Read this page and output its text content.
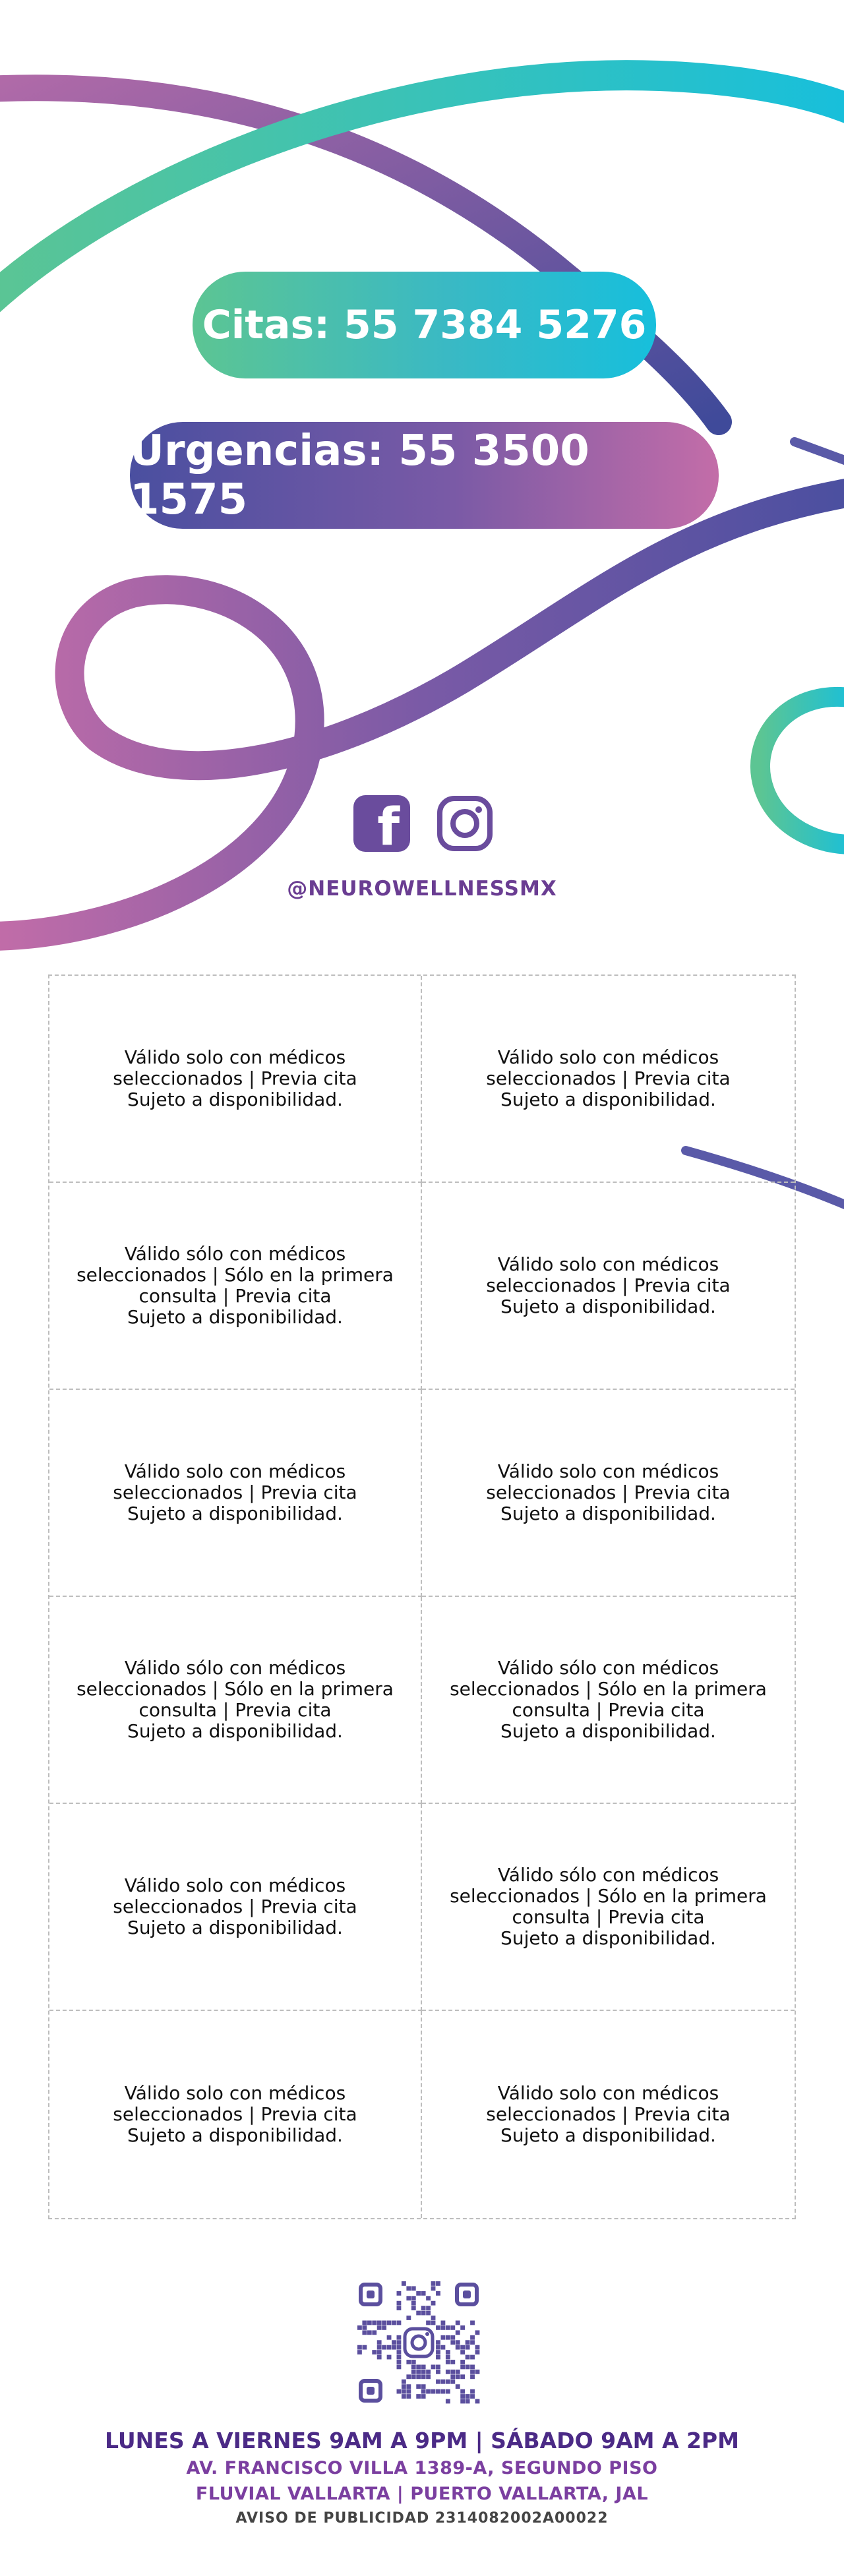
Citas: 55 7384 5276
Urgencias: 55 3500 1575
f
@NEUROWELLNESSMX
Válido solo con médicos
seleccionados | Previa cita
Sujeto a disponibilidad.
Válido solo con médicos
seleccionados | Previa cita
Sujeto a disponibilidad.
Válido sólo con médicos
seleccionados | Sólo en la primera
consulta | Previa cita
Sujeto a disponibilidad.
Válido solo con médicos
seleccionados | Previa cita
Sujeto a disponibilidad.
Válido solo con médicos
seleccionados | Previa cita
Sujeto a disponibilidad.
Válido solo con médicos
seleccionados | Previa cita
Sujeto a disponibilidad.
Válido sólo con médicos
seleccionados | Sólo en la primera
consulta | Previa cita
Sujeto a disponibilidad.
Válido sólo con médicos
seleccionados | Sólo en la primera
consulta | Previa cita
Sujeto a disponibilidad.
Válido solo con médicos
seleccionados | Previa cita
Sujeto a disponibilidad.
Válido sólo con médicos
seleccionados | Sólo en la primera
consulta | Previa cita
Sujeto a disponibilidad.
Válido solo con médicos
seleccionados | Previa cita
Sujeto a disponibilidad.
Válido solo con médicos
seleccionados | Previa cita
Sujeto a disponibilidad.
LUNES A VIERNES 9AM A 9PM | SÁBADO 9AM A 2PM
AV. FRANCISCO VILLA 1389-A, SEGUNDO PISO
FLUVIAL VALLARTA | PUERTO VALLARTA, JAL
AVISO DE PUBLICIDAD 2314082002A00022
